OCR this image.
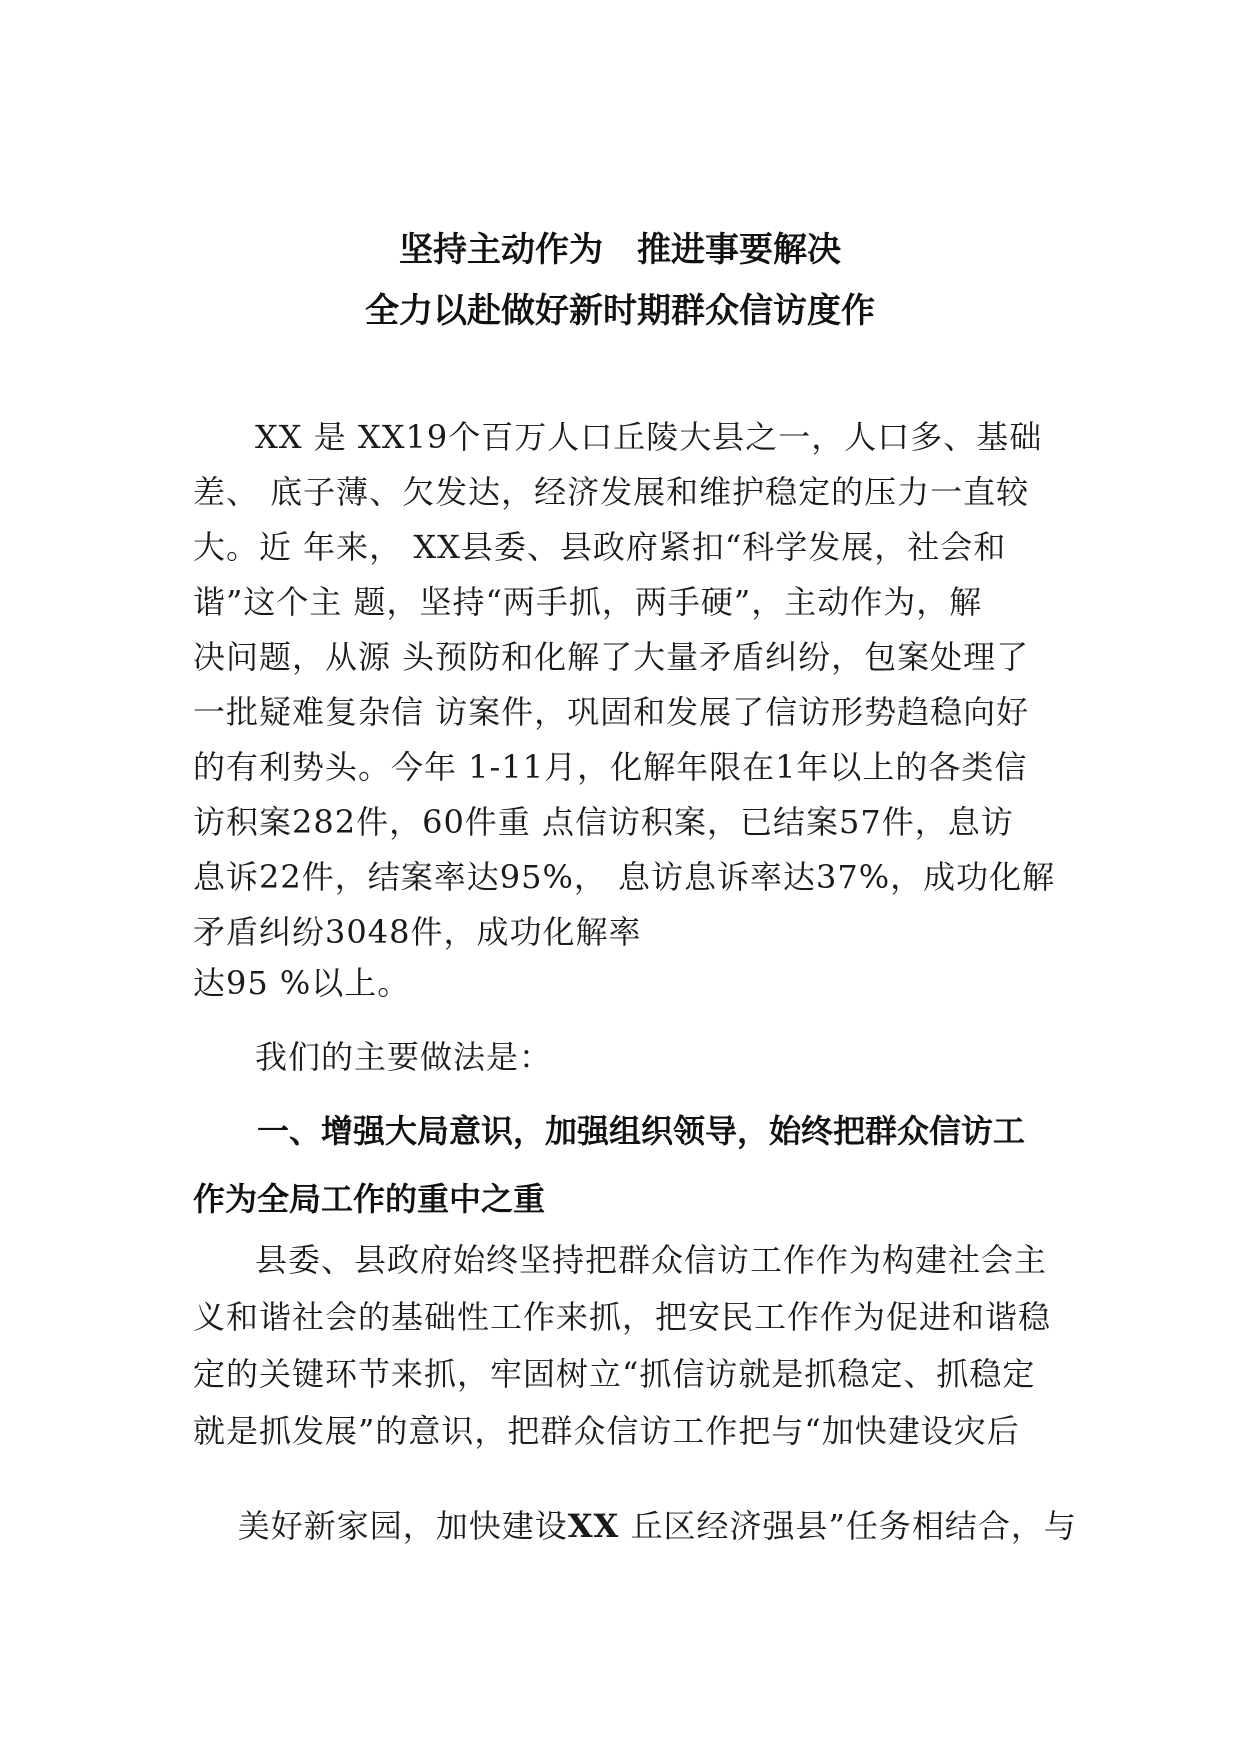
坚持主动作为　推进事要解决
全力以赴做好新时期群众信访度作
XX 是 XX19个百万人口丘陵大县之一，人口多、基础
差、 底子薄、欠发达，经济发展和维护稳定的压力一直较
大。近 年来， XX县委、县政府紧扣“科学发展，社会和
谐”这个主 题，坚持“两手抓，两手硬”，主动作为，解
决问题，从源 头预防和化解了大量矛盾纠纷，包案处理了
一批疑难复杂信 访案件，巩固和发展了信访形势趋稳向好
的有利势头。今年 1-11月，化解年限在1年以上的各类信
访积案282件，60件重 点信访积案，已结案57件，息访
息诉22件，结案率达95%， 息访息诉率达37%，成功化解
矛盾纠纷3048件，成功化解率
达95 %以上。
我们的主要做法是：
一、增强大局意识，加强组织领导，始终把群众信访工
作为全局工作的重中之重
县委、县政府始终坚持把群众信访工作作为构建社会主
义和谐社会的基础性工作来抓，把安民工作作为促进和谐稳
定的关键环节来抓，牢固树立“抓信访就是抓稳定、抓稳定
就是抓发展”的意识，把群众信访工作把与“加快建设灾后

美好新家园，加快建设XX 丘区经济强县”任务相结合，与
